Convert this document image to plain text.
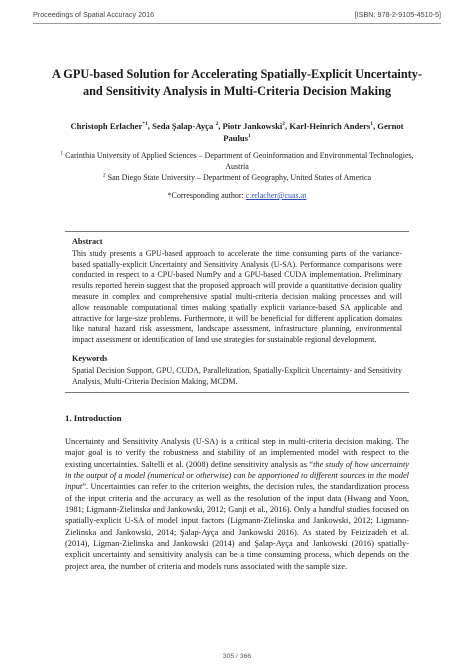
Proceedings of Spatial Accuracy 2016	[ISBN: 978-2-9105-4510-5]
A GPU-based Solution for Accelerating Spatially-Explicit Uncertainty- and Sensitivity Analysis in Multi-Criteria Decision Making
Christoph Erlacher$^{*1}$, Seda Şalap-Ayça $^2$, Piotr Jankowski$^2$, Karl-Heinrich Anders$^1$, Gernot Paulus$^1$
$^1$ Carinthia University of Applied Sciences – Department of Geoinformation and Environmental Technologies, Austria
$^2$ San Diego State University – Department of Geography, United States of America
*Corresponding author: c.erlacher@cuas.at
Abstract

This study presents a GPU-based approach to accelerate the time consuming parts of the variance-based spatially-explicit Uncertainty and Sensitivity Analysis (U-SA). Performance comparisons were conducted in respect to a CPU-based NumPy and a GPU-based CUDA implementation. Preliminary results reported herein suggest that the proposed approach will provide a quantitative decision quality measure in complex and comprehensive spatial multi-criteria decision making processes and will allow reasonable computational times making spatially explicit variance-based SA applicable and attractive for large-size problems. Furthermore, it will be beneficial for different application domains like natural hazard risk assessment, landscape assessment, infrastructure planning, environmental impact assessment or identification of land use strategies for sustainable regional development.

Keywords

Spatial Decision Support, GPU, CUDA, Parallelization, Spatially-Explicit Uncertainty- and Sensitivity Analysis, Multi-Criteria Decision Making, MCDM.

1. Introduction

Uncertainty and Sensitivity Analysis (U-SA) is a critical step in multi-criteria decision making. The major goal is to verify the robustness and stability of an implemented model with respect to the existing uncertainties. Saltelli et al. (2008) define sensitivity analysis as “the study of how uncertainty in the output of a model (numerical or otherwise) can be apportioned to different sources in the model input”. Uncertainties can refer to the criterion weights, the decision rules, the standardization process of the input criteria and the accuracy as well as the resolution of the input data (Hwang and Yoon, 1981; Ligmann-Zielinska and Jankowski, 2012; Ganji et al., 2016). Only a handful studies focused on spatially-explicit U-SA of model input factors (Ligmann-Zielinska and Jankowski, 2012; Ligmann-Zielinska and Jankowski, 2014; Şalap-Ayça and Jankowski 2016). As stated by Feizizadeh et al. (2014), Ligman-Zielinska and Jankowski (2014) and Şalap-Ayça and Jankowski (2016) spatially-explicit uncertainty and sensitivity analysis can be a time consuming process, which depends on the project area, the number of criteria and models runs associated with the sample size.

305 / 366
